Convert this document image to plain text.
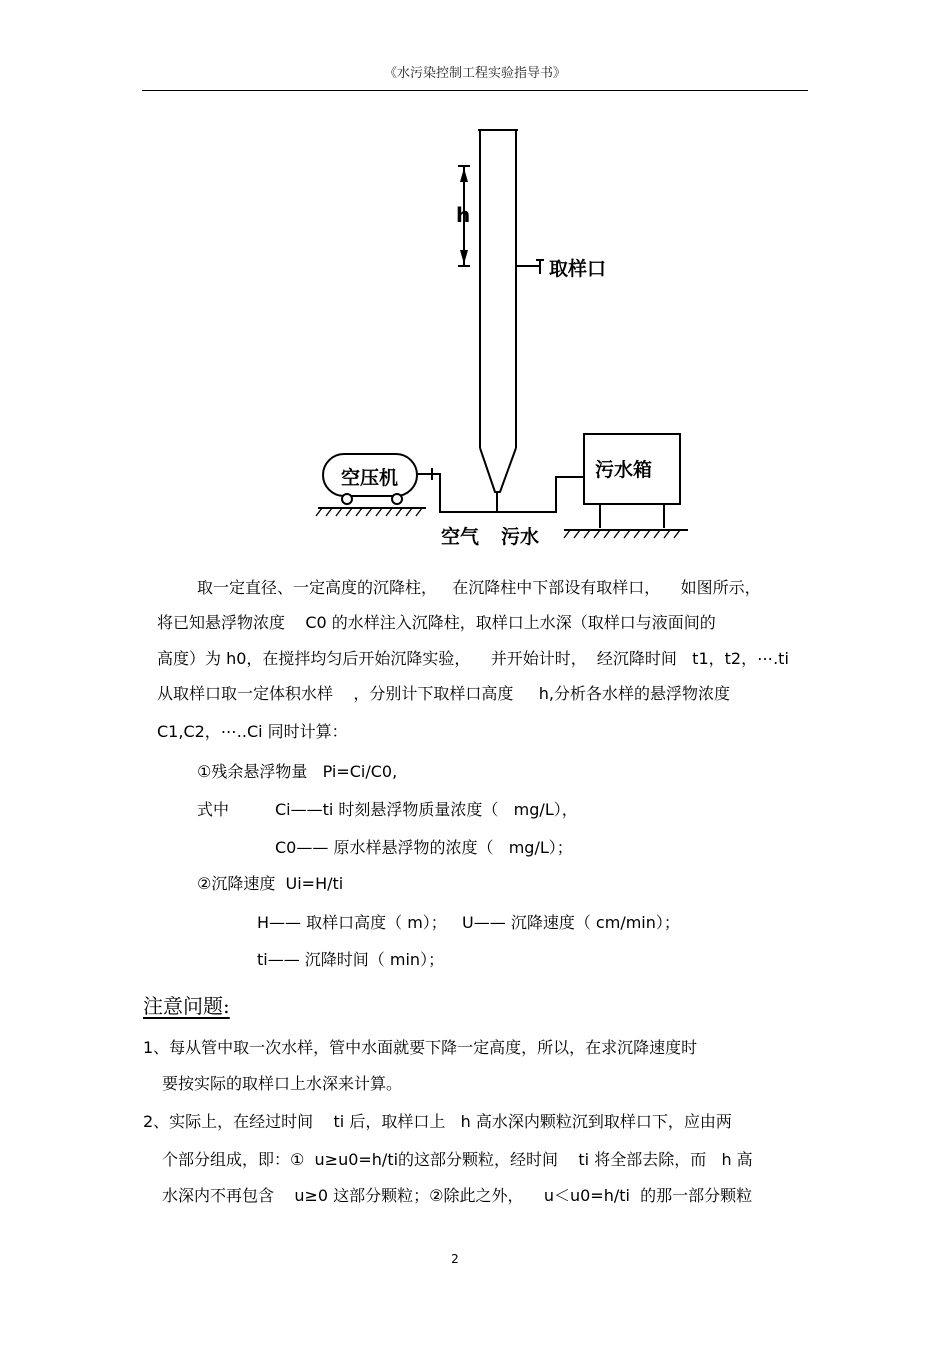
《水污染控制工程实验指导书》
h
取样口
空压机	污水箱
空气 污水
取一定直径、一定高度的沉降柱，   在沉降柱中下部设有取样口，    如图所示，
将已知悬浮物浓度    C0 的水样注入沉降柱，取样口上水深（取样口与液面间的
高度）为 h0，在搅拌均匀后开始沉降实验，    并开始计时，  经沉降时间   t1，t2，⋯.ti
从取样口取一定体积水样    ，分别计下取样口高度     h,分析各水样的悬浮物浓度
C1,C2，⋯..Ci 同时计算：
①残余悬浮物量   Pi=Ci/C0,
式中	Ci——ti 时刻悬浮物质量浓度（   mg/L），
C0—— 原水样悬浮物的浓度（   mg/L）；
②沉降速度  Ui=H/ti
H—— 取样口高度（ m）；   U—— 沉降速度（ cm/min）；
ti—— 沉降时间（ min）；
注意问题:
1、每从管中取一次水样，管中水面就要下降一定高度，所以，在求沉降速度时
要按实际的取样口上水深来计算。
2、实际上，在经过时间    ti 后，取样口上   h 高水深内颗粒沉到取样口下，应由两
个部分组成，即：①  u≥u0=h/ti的这部分颗粒，经时间    ti 将全部去除，而   h 高
水深内不再包含    u≥0 这部分颗粒；②除此之外，    u＜u0=h/ti  的那一部分颗粒
2
